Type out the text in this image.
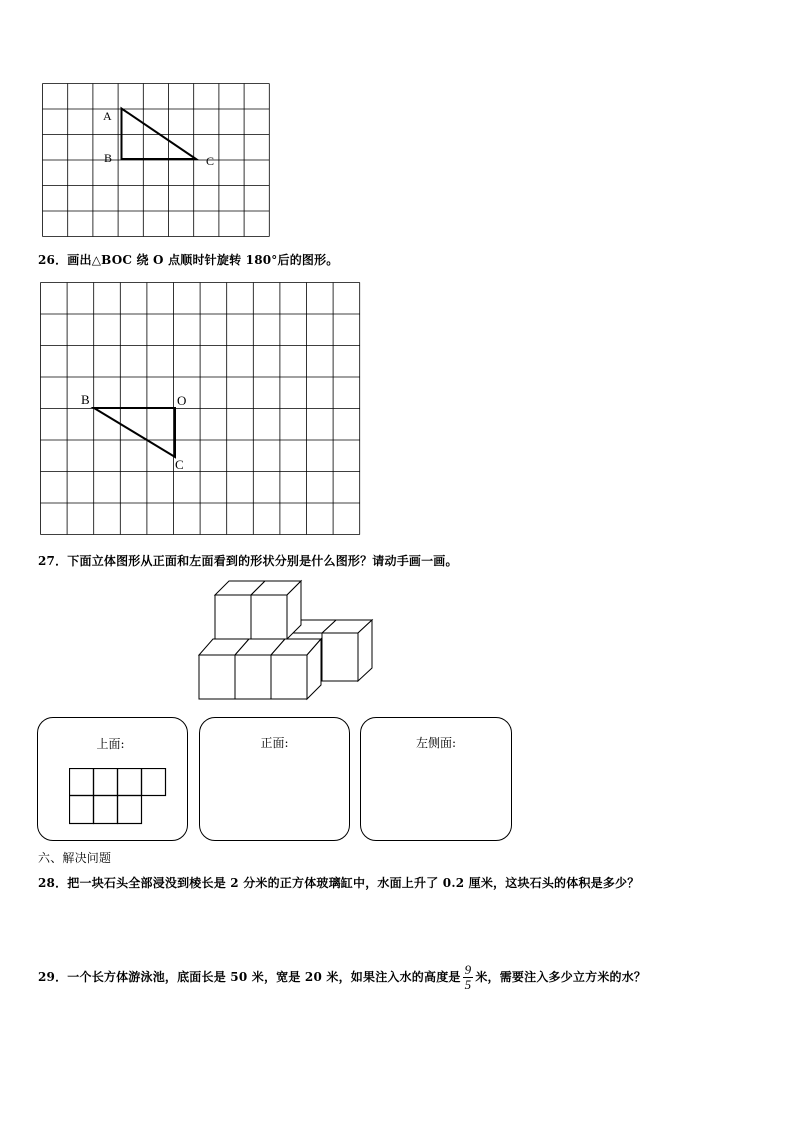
A
B	C
26．画出△BOC 绕 O 点顺时针旋转 180°后的图形。
B	O
C
27．下面立体图形从正面和左面看到的形状分别是什么图形？请动手画一画。
上面:	正面:	左侧面:
六、解决问题
28．把一块石头全部浸没到棱长是 2 分米的正方体玻璃缸中，水面上升了 0.2 厘米，这块石头的体积是多少？
29．一个长方体游泳池，底面长是 50 米，宽是 20 米，如果注入水的高度是 $\frac{9}{5}$ 米，需要注入多少立方米的水？
